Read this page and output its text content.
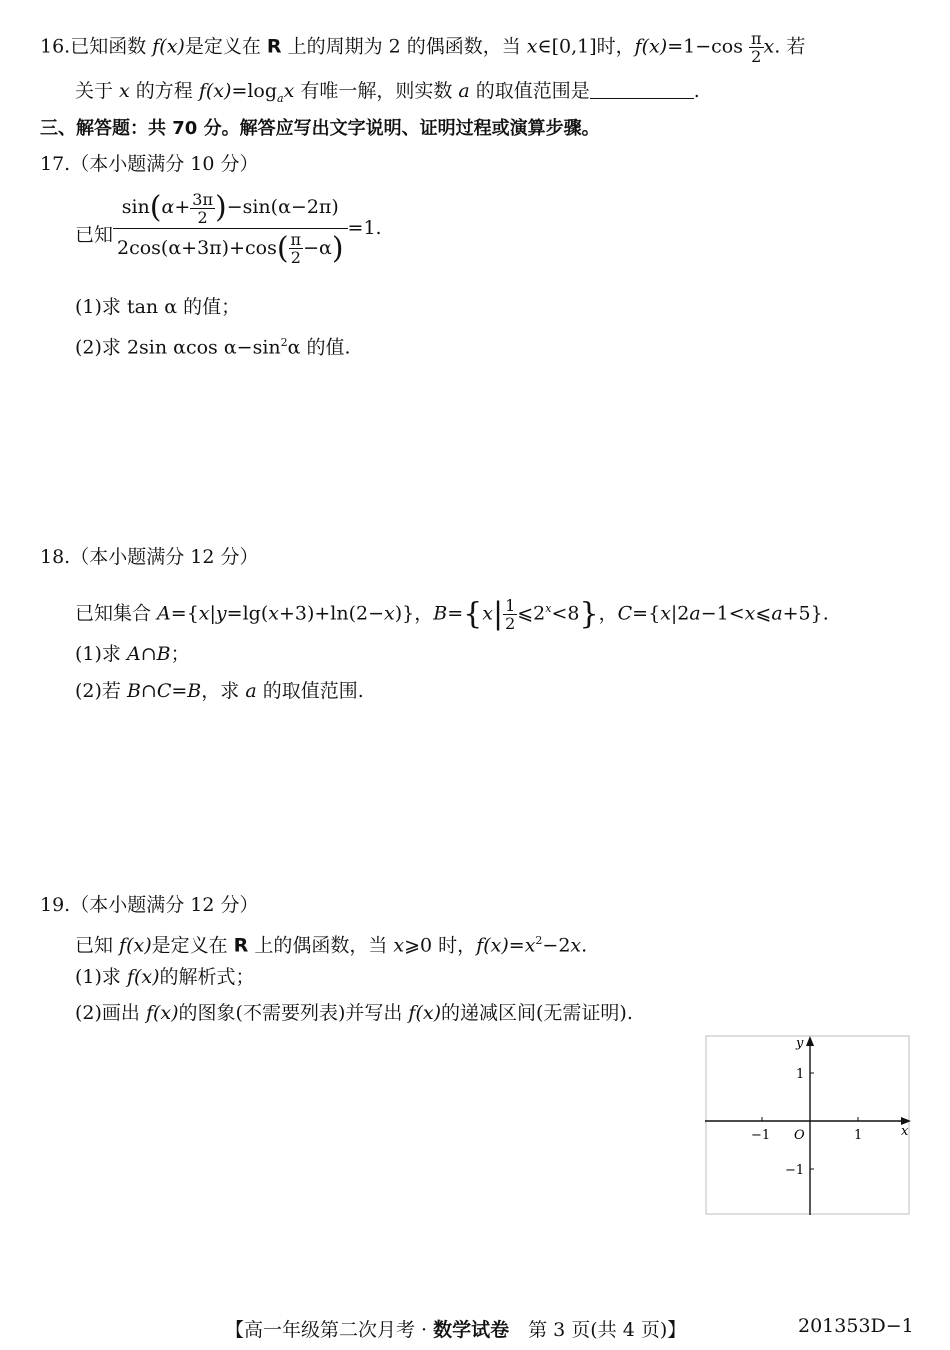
16.已知函数 f(x)是定义在 R 上的周期为 2 的偶函数，当 x∈[0,1]时，$f(x)=1-\cos \frac{\pi}{2} x$. 若
关于 x 的方程 $f(x)=\log_ax$ 有唯一解，则实数 a 的取值范围是	.
三、解答题：共 70 分。解答应写出文字说明、证明过程或演算步骤。
17.（本小题满分 10 分）
已知 $\frac{\sin(\alpha+ \frac{3\pi}{2} )-\sin(\alpha-2\pi)}{2\cos(\alpha+3\pi)+\cos( \frac{\pi}{2} -\alpha)} =1$.
(1)求 tan α 的值；
(2)求 2sin αcos $\alpha-\sin^2\alpha$ 的值.
18.（本小题满分 12 分）
已知集合 A={x|y=lg(x+3)+ln(2−x)}，$B=\{x| \frac{1}{2}$ $⩽2^x<8$}，C={x|2a−1<x⩽a+5}.
(1)求 A∩B；
(2)若 B∩C=B，求 a 的取值范围.
19.（本小题满分 12 分）
已知 f(x)是定义在 R 上的偶函数，当 x⩾0 时，$f(x)=x^2-2x$.
(1)求 f(x)的解析式；
(2)画出 f(x)的图象(不需要列表)并写出 f(x)的递减区间(无需证明).
y
x
O
1
−1
1
−1
【高一年级第二次月考 · 数学试卷　第 3 页(共 4 页)】	201353D−1
